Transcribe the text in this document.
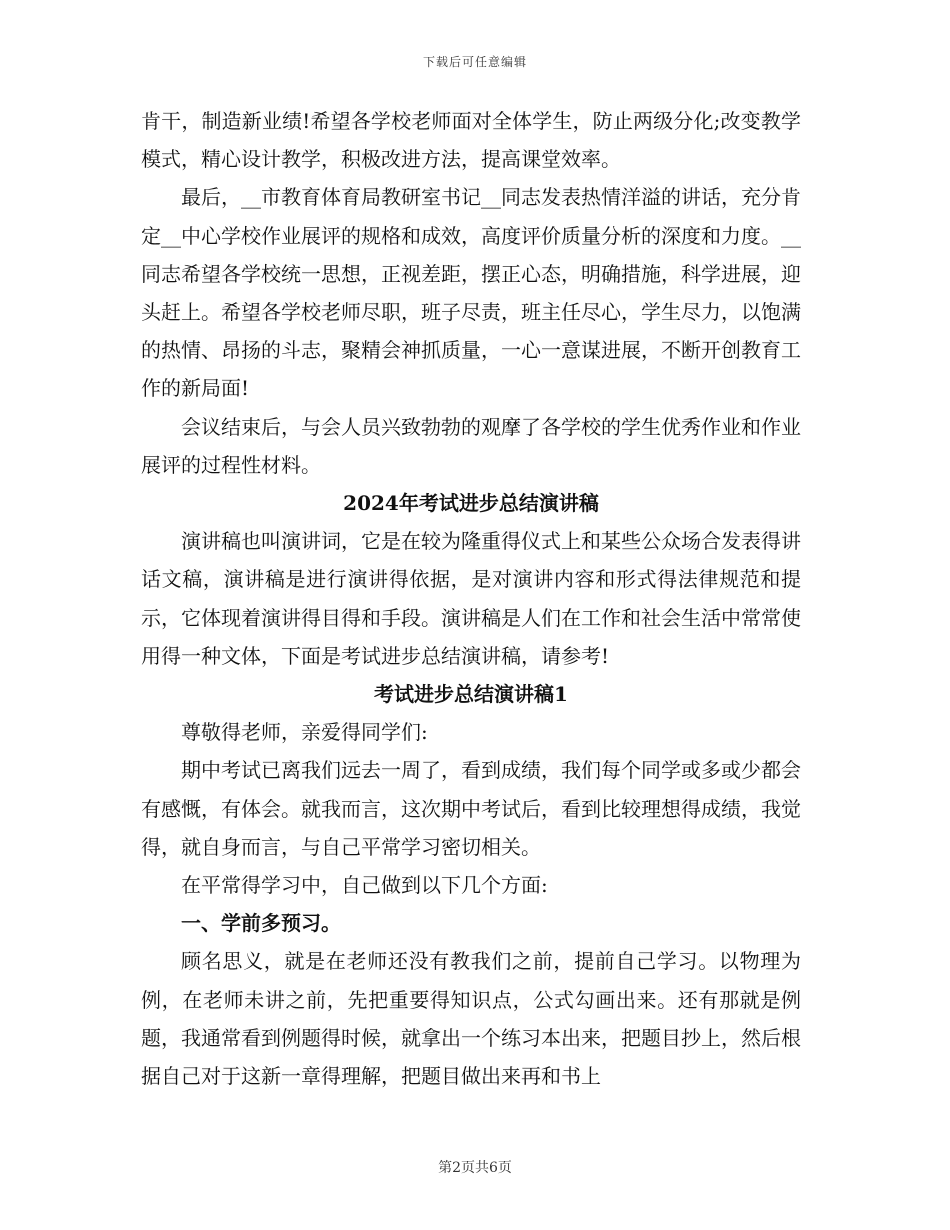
下载后可任意编辑

肯干，制造新业绩!希望各学校老师面对全体学生，防止两级分化;改变教学模式，精心设计教学，积极改进方法，提高课堂效率。

最后，__市教育体育局教研室书记__同志发表热情洋溢的讲话，充分肯定__中心学校作业展评的规格和成效，高度评价质量分析的深度和力度。__同志希望各学校统一思想，正视差距，摆正心态，明确措施，科学进展，迎头赶上。希望各学校老师尽职，班子尽责，班主任尽心，学生尽力，以饱满的热情、昂扬的斗志，聚精会神抓质量，一心一意谋进展，不断开创教育工作的新局面!

会议结束后，与会人员兴致勃勃的观摩了各学校的学生优秀作业和作业展评的过程性材料。

2024年考试进步总结演讲稿

演讲稿也叫演讲词，它是在较为隆重得仪式上和某些公众场合发表得讲话文稿，演讲稿是进行演讲得依据，是对演讲内容和形式得法律规范和提示，它体现着演讲得目得和手段。演讲稿是人们在工作和社会生活中常常使用得一种文体，下面是考试进步总结演讲稿，请参考!

考试进步总结演讲稿1

尊敬得老师，亲爱得同学们:

期中考试已离我们远去一周了，看到成绩，我们每个同学或多或少都会有感慨，有体会。就我而言，这次期中考试后，看到比较理想得成绩，我觉得，就自身而言，与自己平常学习密切相关。

在平常得学习中，自己做到以下几个方面:

一、学前多预习。

顾名思义，就是在老师还没有教我们之前，提前自己学习。以物理为例，在老师未讲之前，先把重要得知识点，公式勾画出来。还有那就是例题，我通常看到例题得时候，就拿出一个练习本出来，把题目抄上，然后根据自己对于这新一章得理解，把题目做出来再和书上

第2页共6页
